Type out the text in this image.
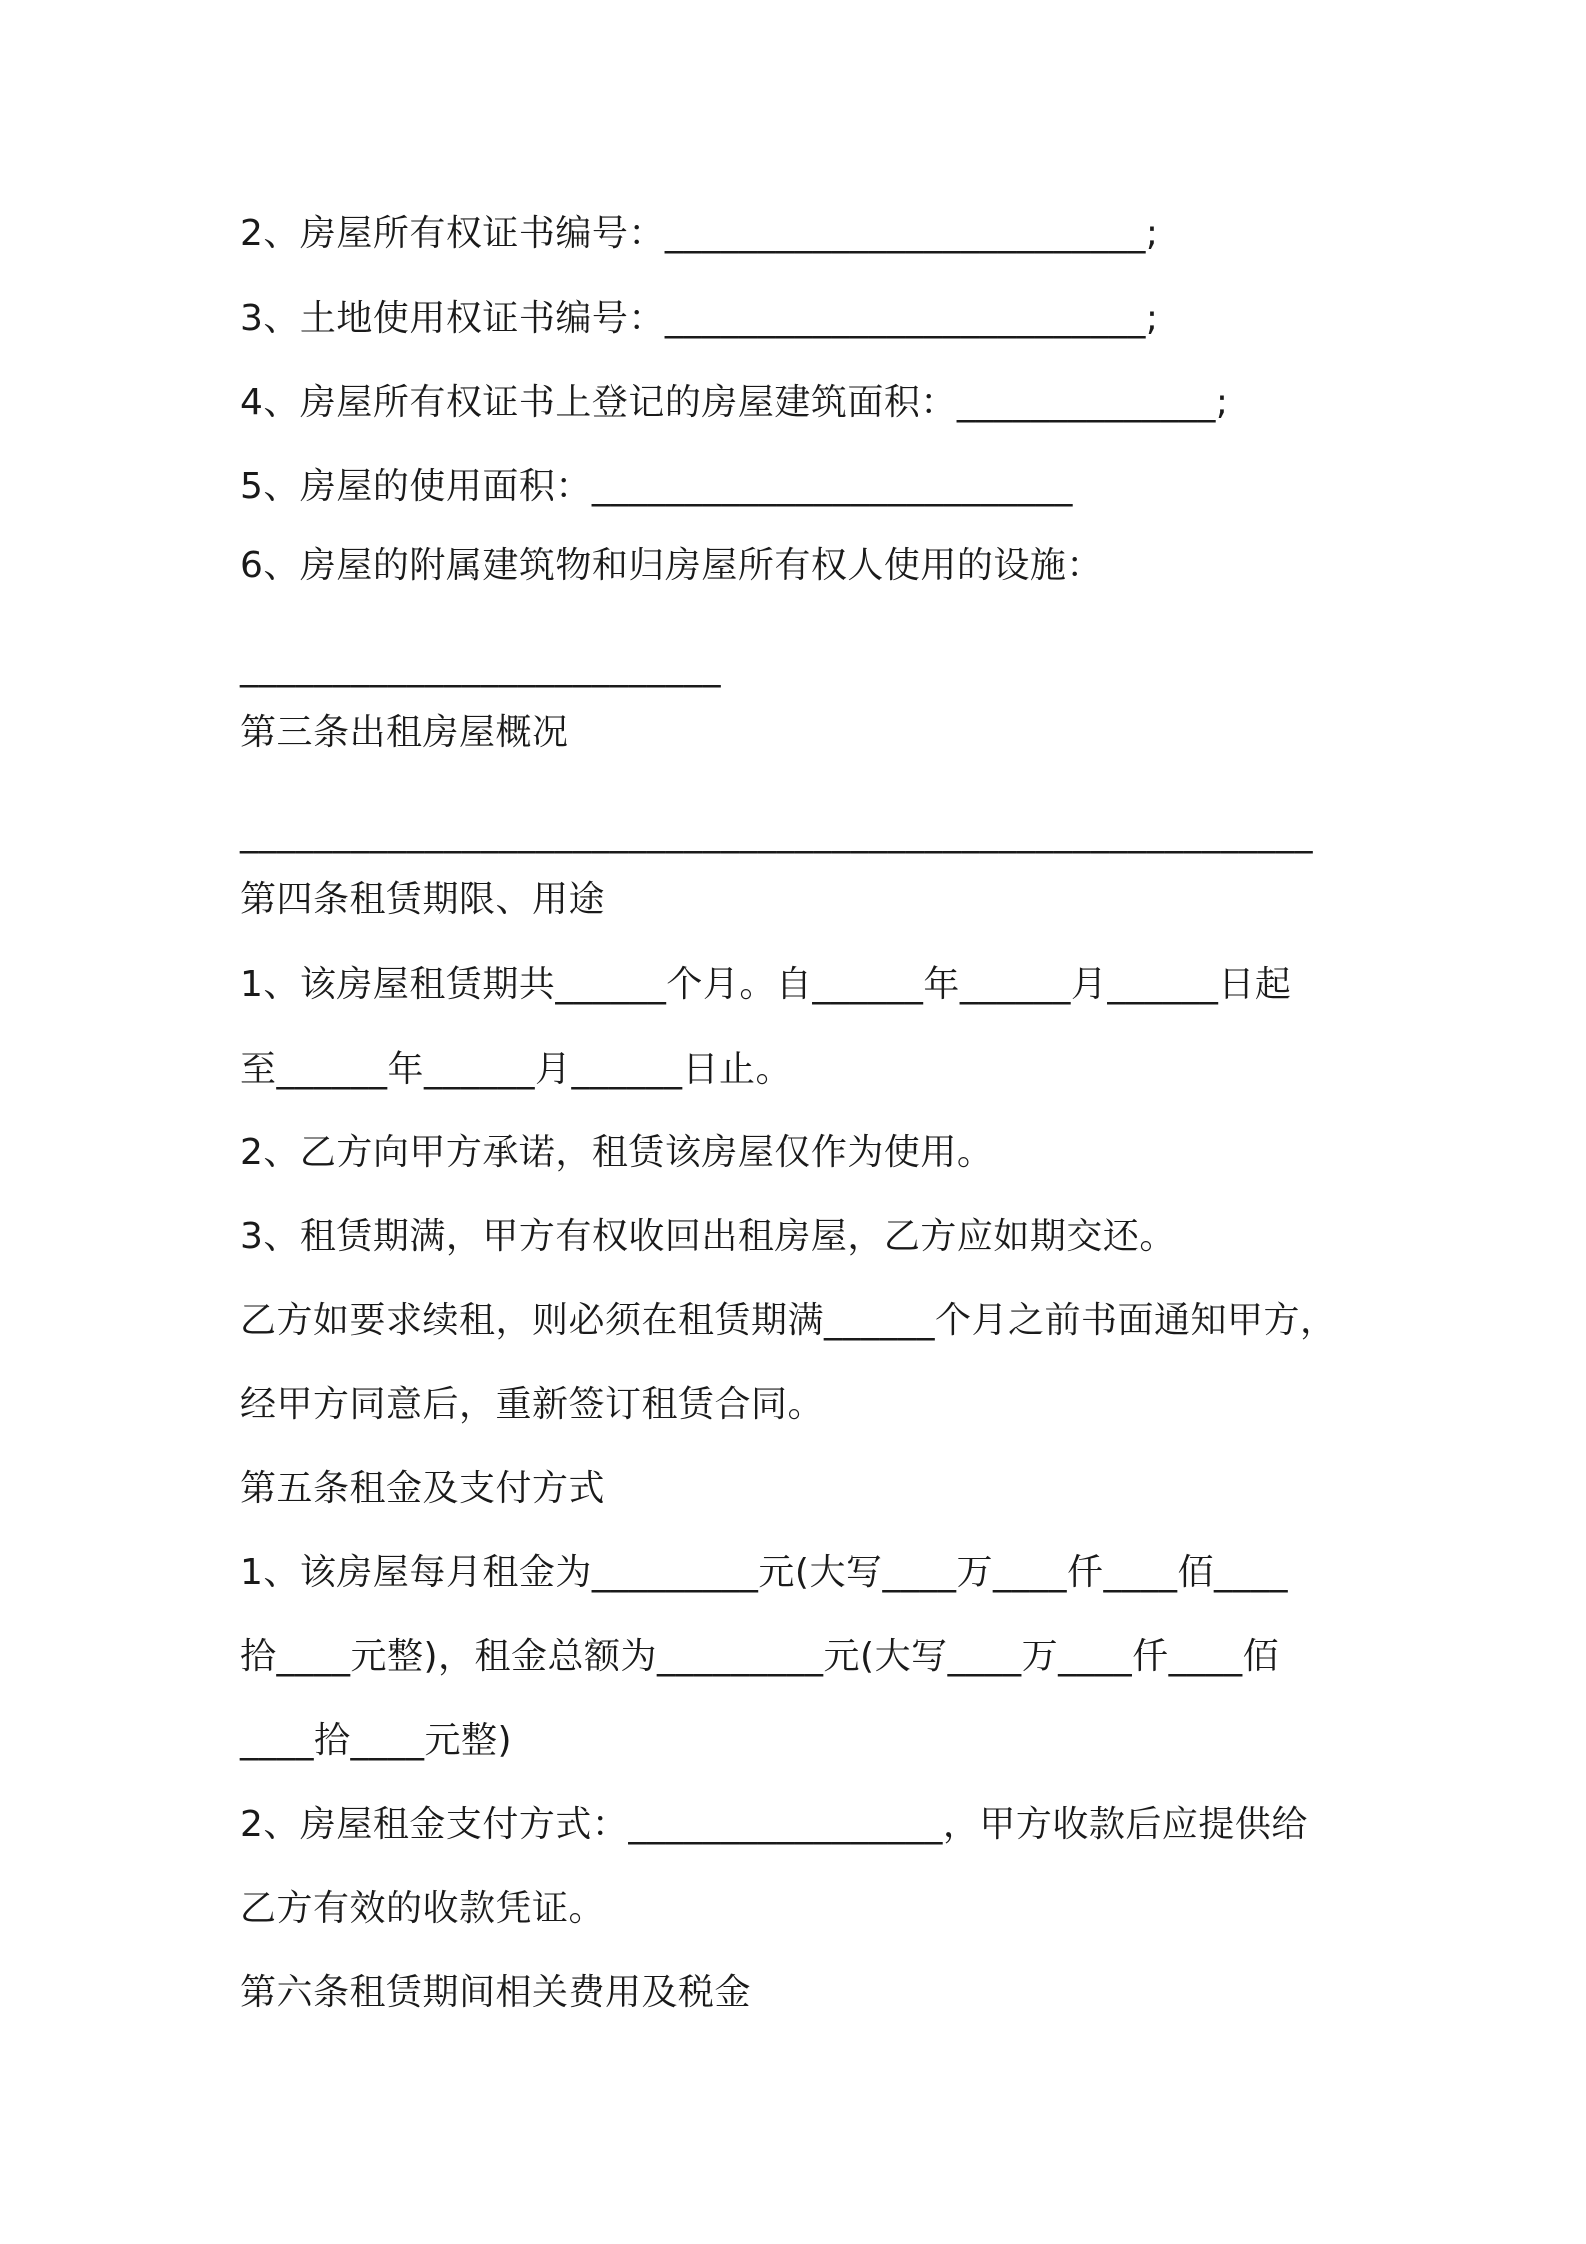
2、房屋所有权证书编号：__________________________;
3、土地使用权证书编号：__________________________;
4、房屋所有权证书上登记的房屋建筑面积：______________;
5、房屋的使用面积：__________________________
6、房屋的附属建筑物和归房屋所有权人使用的设施：
__________________________
第三条出租房屋概况
__________________________________________________________
第四条租赁期限、用途
1、该房屋租赁期共______个月。自______年______月______日起
至______年______月______日止。
2、乙方向甲方承诺，租赁该房屋仅作为使用。
3、租赁期满，甲方有权收回出租房屋，乙方应如期交还。
乙方如要求续租，则必须在租赁期满______个月之前书面通知甲方，
经甲方同意后，重新签订租赁合同。
第五条租金及支付方式
1、该房屋每月租金为_________元(大写____万____仟____佰____
拾____元整)，租金总额为_________元(大写____万____仟____佰
____拾____元整)
2、房屋租金支付方式：_________________，甲方收款后应提供给
乙方有效的收款凭证。
第六条租赁期间相关费用及税金
